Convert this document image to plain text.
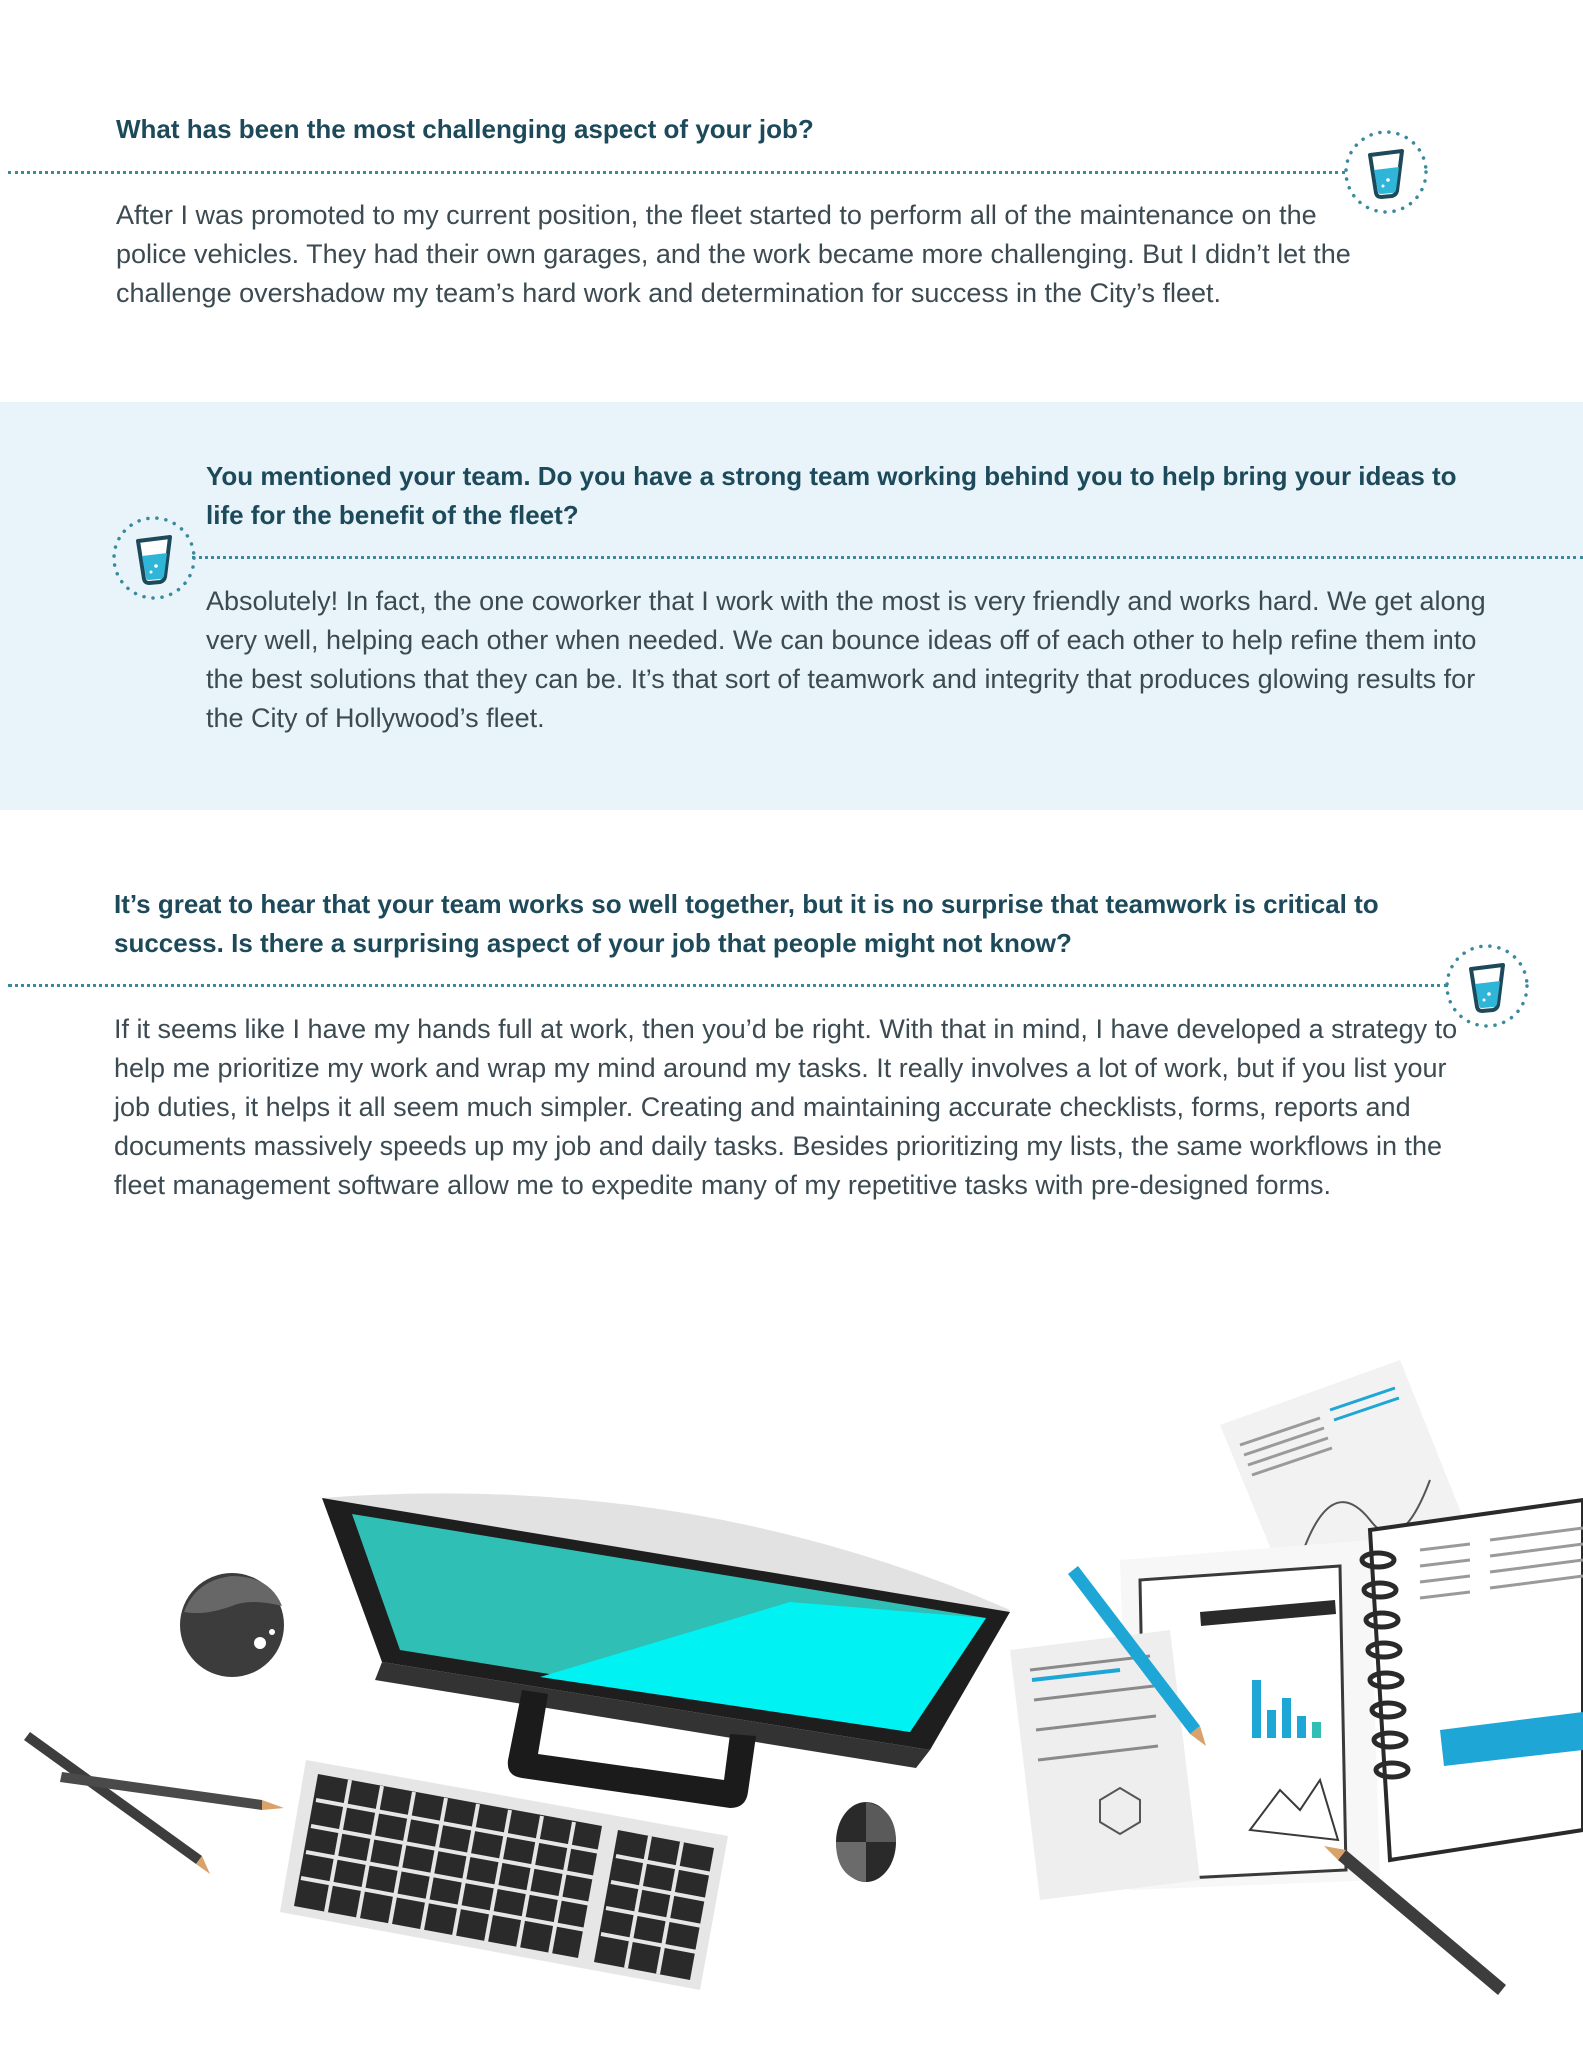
What has been the most challenging aspect of your job?

After I was promoted to my current position, the fleet started to perform all of the maintenance on the police vehicles. They had their own garages, and the work became more challenging. But I didn’t let the challenge overshadow my team’s hard work and determination for success in the City’s fleet.

You mentioned your team. Do you have a strong team working behind you to help bring your ideas to life for the benefit of the fleet?

Absolutely! In fact, the one coworker that I work with the most is very friendly and works hard. We get along very well, helping each other when needed. We can bounce ideas off of each other to help refine them into the best solutions that they can be. It’s that sort of teamwork and integrity that produces glowing results for the City of Hollywood’s fleet.

It’s great to hear that your team works so well together, but it is no surprise that teamwork is critical to success. Is there a surprising aspect of your job that people might not know?

If it seems like I have my hands full at work, then you’d be right. With that in mind, I have developed a strategy to help me prioritize my work and wrap my mind around my tasks. It really involves a lot of work, but if you list your job duties, it helps it all seem much simpler. Creating and maintaining accurate checklists, forms, reports and documents massively speeds up my job and daily tasks. Besides prioritizing my lists, the same workflows in the fleet management software allow me to expedite many of my repetitive tasks with pre-designed forms.
